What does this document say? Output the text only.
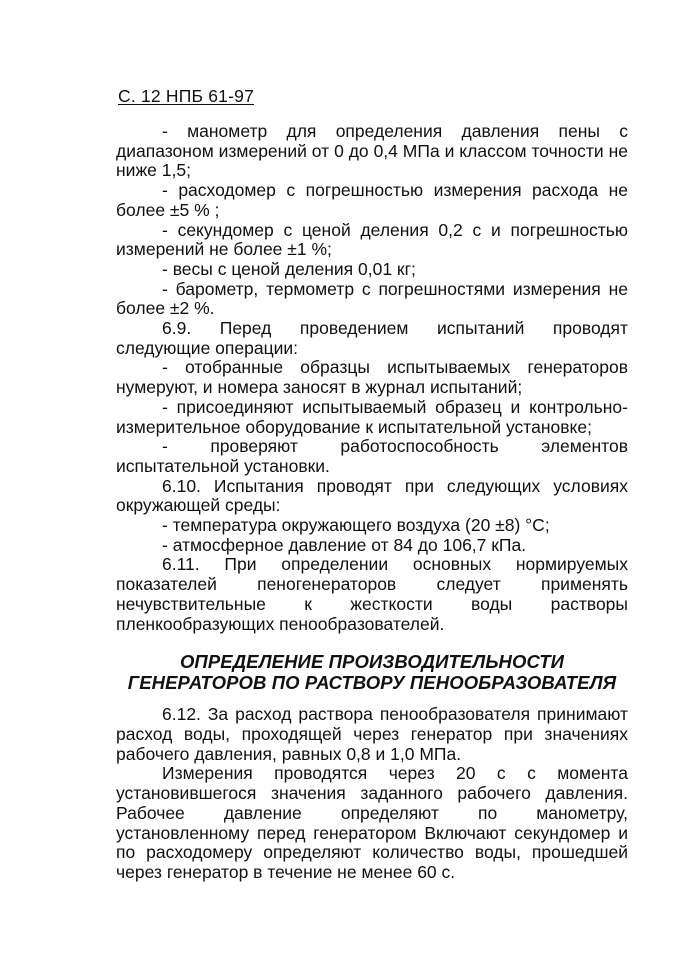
С. 12 НПБ 61-97

- манометр для определения давления пены с диапазоном измерений от 0 до 0,4 МПа и классом точности не ниже 1,5;

- расходомер с погрешностью измерения расхода не более ±5 % ;

- секундомер с ценой деления 0,2 с и погрешностью измерений не более ±1 %;

- весы с ценой деления 0,01 кг;

- барометр, термометр с погрешностями измерения не более ±2 %.

6.9. Перед проведением испытаний проводят следующие операции:

- отобранные образцы испытываемых генераторов нумеруют, и номера заносят в журнал испытаний;

- присоединяют испытываемый образец и контрольно-измерительное оборудование к испытательной установке;

- проверяют работоспособность элементов испытательной установки.

6.10. Испытания проводят при следующих условиях окружающей среды:

- температура окружающего воздуха (20 ±8) °С;

- атмосферное давление от 84 до 106,7 кПа.

6.11. При определении основных нормируемых показателей пеногенераторов следует применять нечувствительные к жесткости воды растворы пленкообразующих пенообразователей.

ОПРЕДЕЛЕНИЕ ПРОИЗВОДИТЕЛЬНОСТИ
ГЕНЕРАТОРОВ ПО РАСТВОРУ ПЕНООБРАЗОВАТЕЛЯ

6.12. За расход раствора пенообразователя принимают расход воды, проходящей через генератор при значениях рабочего давления, равных 0,8 и 1,0 МПа.

Измерения проводятся через 20 с с момента установившегося значения заданного рабочего давления. Рабочее давление определяют по манометру, установленному перед генератором Включают секундомер и по расходомеру определяют количество воды, прошедшей через генератор в течение не менее 60 с.
